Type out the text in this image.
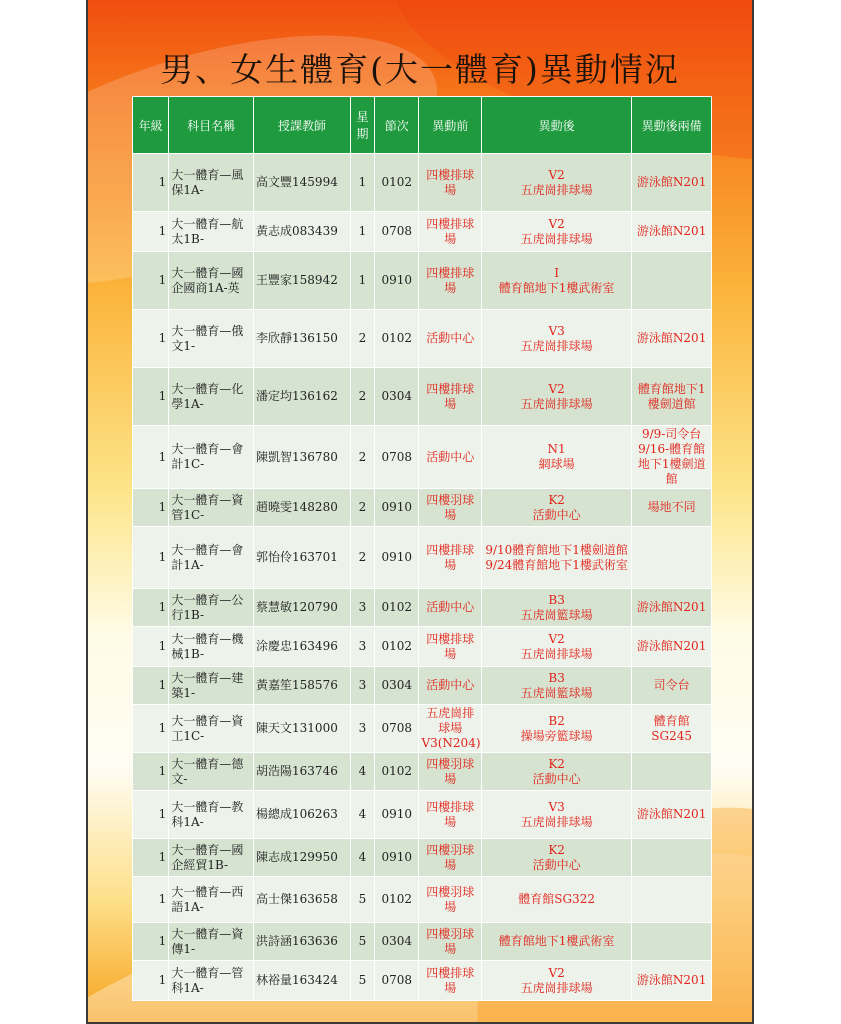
男、女生體育(大一體育)異動情況
年級	科目名稱	授課教師	星期	節次	異動前	異動後	異動後兩備
1	大一體育—風保1A-	高文豐145994	1	0102	四樓排球場	V2
五虎崗排球場	游泳館N201
1	大一體育—航太1B-	黃志成083439	1	0708	四樓排球場	V2
五虎崗排球場	游泳館N201
1	大一體育—國企國商1A-英	王豐家158942	1	0910	四樓排球場	I
體育館地下1樓武術室	

1	大一體育—俄文1-	李欣靜136150	2	0102	活動中心	V3
五虎崗排球場	游泳館N201
1	大一體育—化學1A-	潘定均136162	2	0304	四樓排球場	V2
五虎崗排球場	體育館地下1樓劍道館
1	大一體育—會計1C-	陳凱智136780	2	0708	活動中心	N1
網球場	9/9-司令台 9/16-體育館地下1樓劍道館
1	大一體育—資管1C-	趙曉雯148280	2	0910	四樓羽球場	K2
活動中心	場地不同
1	大一體育—會計1A-	郭怡伶163701	2	0910	四樓排球場	9/10體育館地下1樓劍道館
9/24體育館地下1樓武術室	

1	大一體育—公行1B-	蔡慧敏120790	3	0102	活動中心	B3
五虎崗籃球場	游泳館N201
1	大一體育—機械1B-	涂慶忠163496	3	0102	四樓排球場	V2
五虎崗排球場	游泳館N201
1	大一體育—建築1-	黃嘉笙158576	3	0304	活動中心	B3
五虎崗籃球場	司令台
1	大一體育—資工1C-	陳天文131000	3	0708	五虎崗排球場V3(N204)	B2
操場旁籃球場	體育館SG245
1	大一體育—德文-	胡浩陽163746	4	0102	四樓羽球場	K2
活動中心	

1	大一體育—教科1A-	楊總成106263	4	0910	四樓排球場	V3
五虎崗排球場	游泳館N201
1	大一體育—國企經貿1B-	陳志成129950	4	0910	四樓羽球場	K2
活動中心	

1	大一體育—西語1A-	高士傑163658	5	0102	四樓羽球場	體育館SG322	

1	大一體育—資傳1-	洪詩涵163636	5	0304	四樓羽球場	體育館地下1樓武術室	

1	大一體育—管科1A-	林裕量163424	5	0708	四樓排球場	V2
五虎崗排球場	游泳館N201
